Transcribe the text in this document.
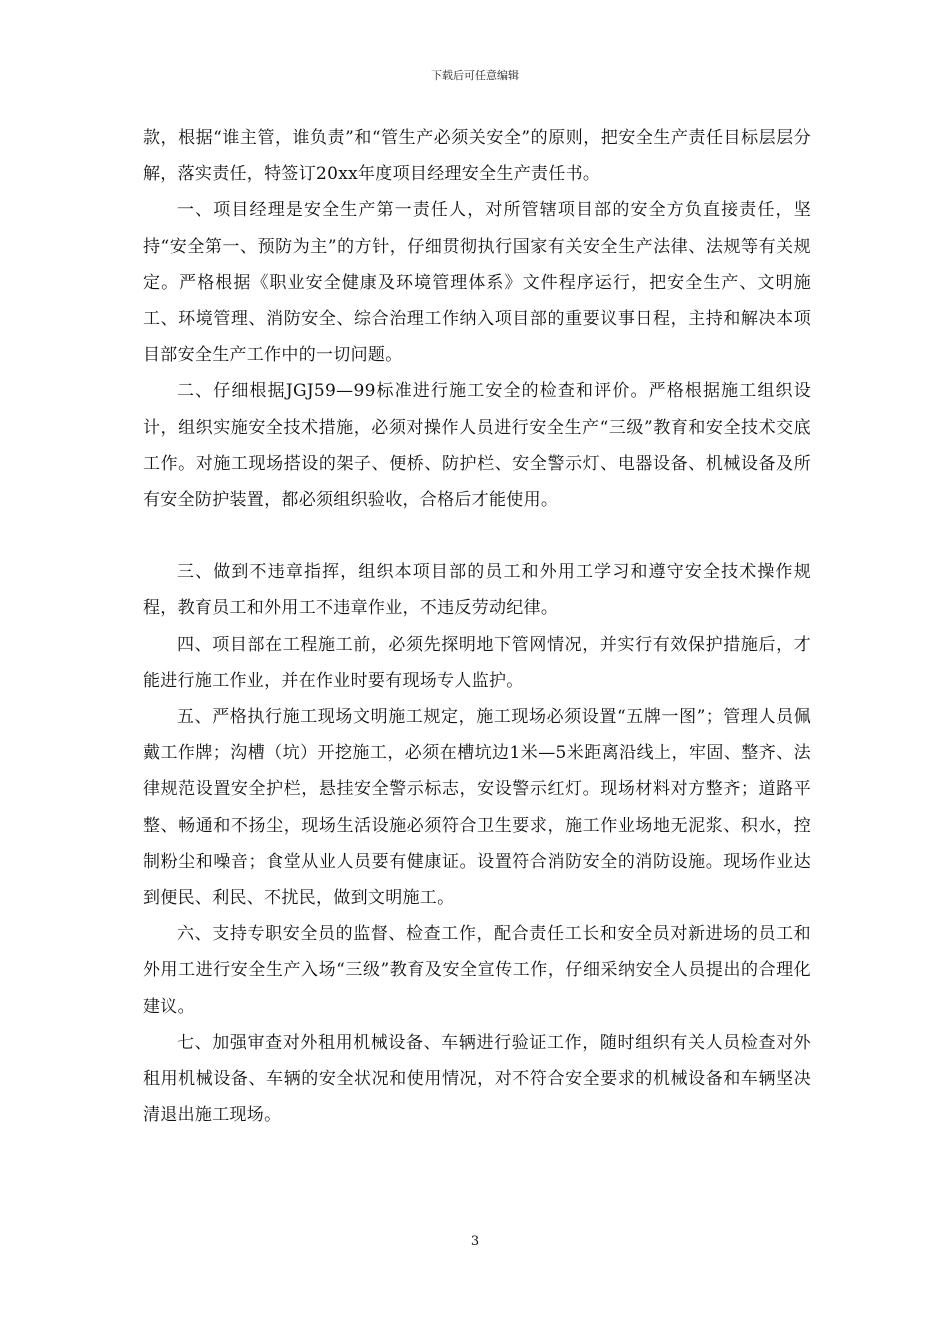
下载后可任意编辑

款，根据“谁主管，谁负责”和“管生产必须关安全”的原则，把安全生产责任目标层层分解，落实责任，特签订20xx年度项目经理安全生产责任书。

一、项目经理是安全生产第一责任人，对所管辖项目部的安全方负直接责任，坚持“安全第一、预防为主”的方针，仔细贯彻执行国家有关安全生产法律、法规等有关规定。严格根据《职业安全健康及环境管理体系》文件程序运行，把安全生产、文明施工、环境管理、消防安全、综合治理工作纳入项目部的重要议事日程，主持和解决本项目部安全生产工作中的一切问题。

二、仔细根据JGJ59—99标准进行施工安全的检查和评价。严格根据施工组织设计，组织实施安全技术措施，必须对操作人员进行安全生产“三级”教育和安全技术交底工作。对施工现场搭设的架子、便桥、防护栏、安全警示灯、电器设备、机械设备及所有安全防护装置，都必须组织验收，合格后才能使用。

三、做到不违章指挥，组织本项目部的员工和外用工学习和遵守安全技术操作规程，教育员工和外用工不违章作业，不违反劳动纪律。

四、项目部在工程施工前，必须先探明地下管网情况，并实行有效保护措施后，才能进行施工作业，并在作业时要有现场专人监护。

五、严格执行施工现场文明施工规定，施工现场必须设置“五牌一图”；管理人员佩戴工作牌；沟槽（坑）开挖施工，必须在槽坑边1米—5米距离沿线上，牢固、整齐、法律规范设置安全护栏，悬挂安全警示标志，安设警示红灯。现场材料对方整齐；道路平整、畅通和不扬尘，现场生活设施必须符合卫生要求，施工作业场地无泥浆、积水，控制粉尘和噪音；食堂从业人员要有健康证。设置符合消防安全的消防设施。现场作业达到便民、利民、不扰民，做到文明施工。

六、支持专职安全员的监督、检查工作，配合责任工长和安全员对新进场的员工和外用工进行安全生产入场“三级”教育及安全宣传工作，仔细采纳安全人员提出的合理化建议。

七、加强审查对外租用机械设备、车辆进行验证工作，随时组织有关人员检查对外租用机械设备、车辆的安全状况和使用情况，对不符合安全要求的机械设备和车辆坚决清退出施工现场。

3
